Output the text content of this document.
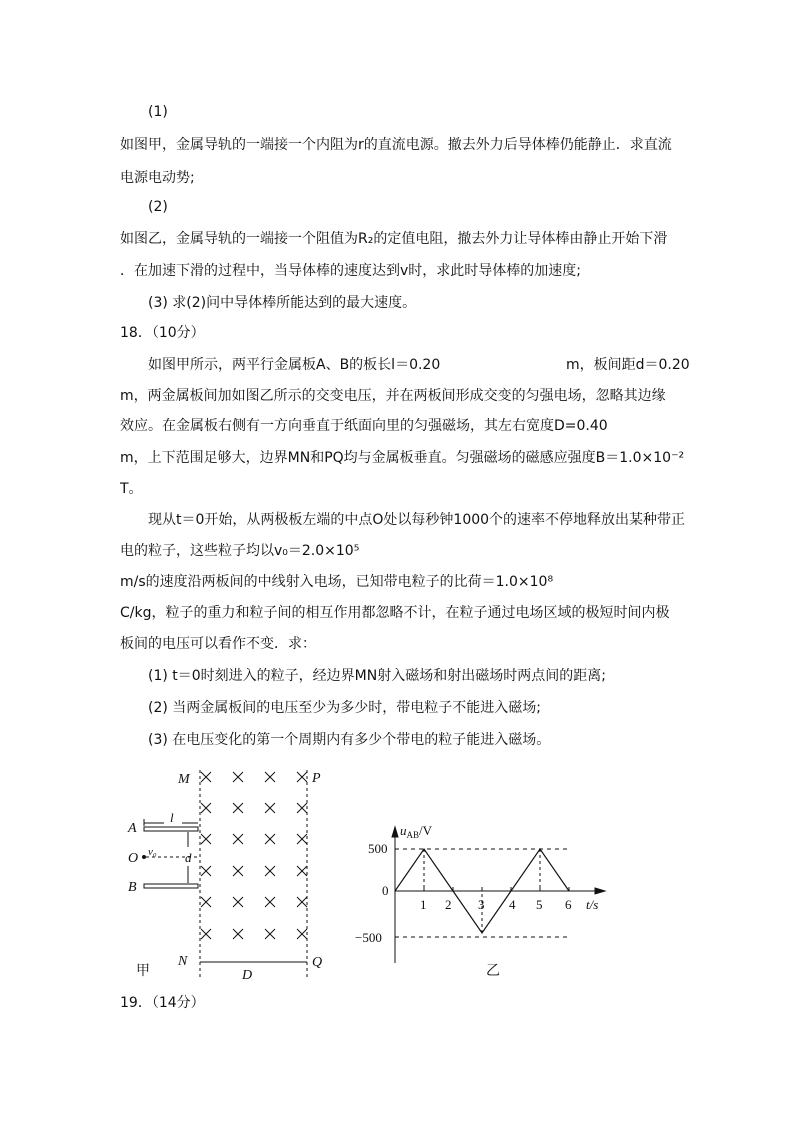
(1)
如图甲，金属导轨的一端接一个内阻为r的直流电源。撤去外力后导体棒仍能静止．求直流
电源电动势;
(2)
如图乙，金属导轨的一端接一个阻值为R₂的定值电阻，撤去外力让导体棒由静止开始下滑
．在加速下滑的过程中，当导体棒的速度达到v时，求此时导体棒的加速度;
(3) 求(2)问中导体棒所能达到的最大速度。
18．（10分）
如图甲所示，两平行金属板A、B的板长l＝0.20	m，板间距d＝0.20
m，两金属板间加如图乙所示的交变电压，并在两板间形成交变的匀强电场，忽略其边缘
效应。在金属板右侧有一方向垂直于纸面向里的匀强磁场，其左右宽度D=0.40
m，上下范围足够大，边界MN和PQ均与金属板垂直。匀强磁场的磁感应强度B＝1.0×10⁻²
T。
现从t＝0开始，从两极板左端的中点O处以每秒钟1000个的速率不停地释放出某种带正
电的粒子，这些粒子均以v₀＝2.0×10⁵
m/s的速度沿两板间的中线射入电场，已知带电粒子的比荷＝1.0×10⁸
C/kg，粒子的重力和粒子间的相互作用都忽略不计，在粒子通过电场区域的极短时间内极
板间的电压可以看作不变．求：
(1) t＝0时刻进入的粒子，经边界MN射入磁场和射出磁场时两点间的距离;
(2) 当两金属板间的电压至少为多少时，带电粒子不能进入磁场;
(3) 在电压变化的第一个周期内有多少个带电的粒子能进入磁场。
19．（14分）
M	P
N	Q
A
B
O
l
d
v₀
D
甲
1 2 3 4 5 6
$u_{AB}/V$
500
0
−500
t/s
乙
